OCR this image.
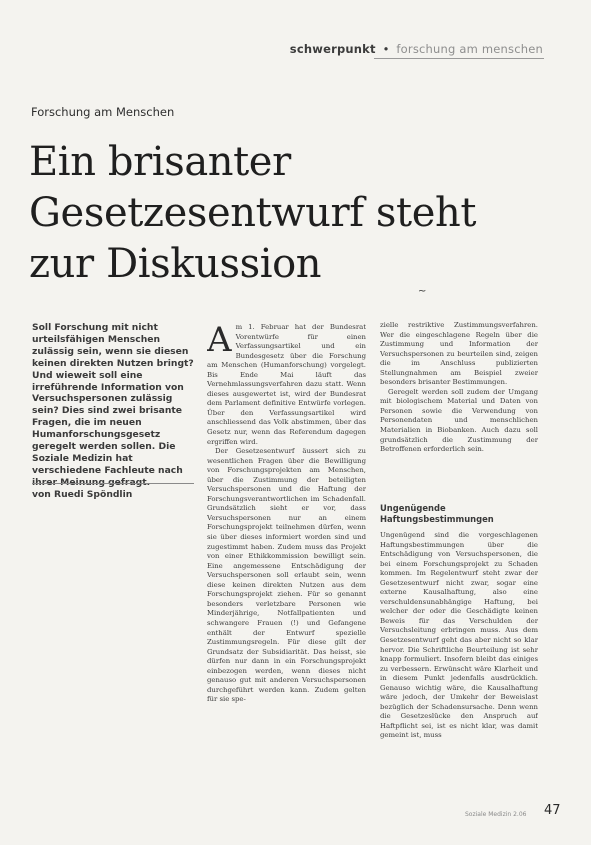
schwerpunkt • forschung am menschen
Forschung am Menschen
Ein brisanter Gesetzesentwurf steht zur Diskussion
~
Soll Forschung mit nicht urteilsfähigen Menschen zulässig sein, wenn sie diesen keinen direkten Nutzen bringt? Und wieweit soll eine irreführende Information von Versuchspersonen zulässig sein? Dies sind zwei brisante Fragen, die im neuen Humanforschungsgesetz geregelt werden sollen. Die Soziale Medizin hat verschiedene Fachleute nach
von Ruedi Spöndlin

Am 1. Februar hat der Bundesrat Vorentwürfe für einen Verfassungsartikel und ein Bundesgesetz über die Forschung am Menschen (Humanforschung) vorgelegt. Bis Ende Mai läuft das Vernehmlassungsverfahren dazu statt. Wenn dieses ausgewertet ist, wird der Bundesrat dem Parlament definitive Entwürfe vorlegen. Über den Verfassungsartikel wird anschliessend das Volk abstimmen, über das Gesetz nur, wenn das Referendum dagegen ergriffen wird.

Der Gesetzesentwurf äussert sich zu wesentlichen Fragen über die Bewilligung von Forschungsprojekten am Menschen, über die Zustimmung der beteiligten Versuchspersonen und die Haftung der Forschungsverantwortlichen im Schadenfall. Grundsätzlich sieht er vor, dass Versuchspersonen nur an einem Forschungsprojekt teilnehmen dürfen, wenn sie über dieses informiert worden sind und zugestimmt haben. Zudem muss das Projekt von einer Ethikkommission bewilligt sein. Eine angemessene Entschädigung der Versuchspersonen soll erlaubt sein, wenn diese keinen direkten Nutzen aus dem Forschungsprojekt ziehen. Für so genannt besonders verletzbare Personen wie Minderjährige, Notfallpatienten und schwangere Frauen (!) und Gefangene enthält der Entwurf spezielle Zustimmungsregeln. Für diese gilt der Grundsatz der Subsidiarität. Das heisst, sie dürfen nur dann in ein Forschungsprojekt einbezogen werden, wenn dieses nicht genauso gut mit anderen Versuchspersonen durchgeführt werden kann. Zudem gelten für sie spe-

zielle restriktive Zustimmungsverfahren. Wer die eingeschlagene Regeln über die Zustimmung und Information der Versuchspersonen zu beurteilen sind, zeigen die im Anschluss publizierten Stellungnahmen am Beispiel zweier besonders brisanter Bestimmungen.

Geregelt werden soll zudem der Umgang mit biologischem Material und Daten von Personen sowie die Verwendung von Personendaten und menschlichen Materialien in Biobanken. Auch dazu soll grundsätzlich die Zustimmung der Betroffenen erforderlich sein.

Ungenügende Haftungsbestimmungen

Ungenügend sind die vorgeschlagenen Haftungsbestimmungen über die Entschädigung von Versuchspersonen, die bei einem Forschungsprojekt zu Schaden kommen. Im Regelentwurf steht zwar der Gesetzesentwurf nicht zwar, sogar eine externe Kausalhaftung, also eine verschuldensunabhängige Haftung, bei welcher der oder die Geschädigte keinen Beweis für das Verschulden der Versuchsleitung erbringen muss. Aus dem Gesetzesentwurf geht das aber nicht so klar hervor. Die Schriftliche Beurteilung ist sehr knapp formuliert. Insofern bleibt das einiges zu verbessern. Erwünscht wäre Klarheit und in diesem Punkt jedenfalls ausdrücklich. Genauso wichtig wäre, die Kausalhaftung wäre jedoch, der Umkehr der Beweislast bezüglich der Schadensursache. Denn wenn die Gesetzeslücke den Anspruch auf Haftpflicht sei, ist es nicht klar, was damit gemeint ist, muss

Soziale Medizin 2.06 47
